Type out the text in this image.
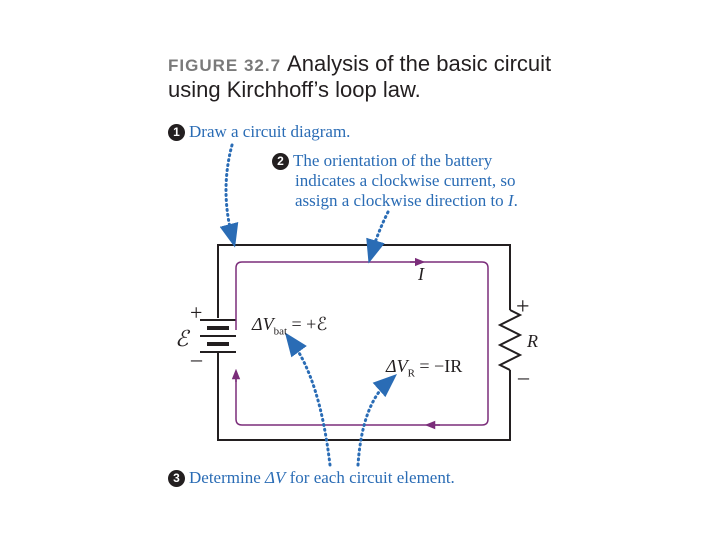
FIGURE 32.7 Analysis of the basic circuit
using Kirchhoff’s loop law.
1 Draw a circuit diagram.
2 The orientation of the battery
indicates a clockwise current, so
assign a clockwise direction to I.
3 Determine ΔV for each circuit element.
I
+
ℰ
–
$\Delta V_{bat}$ = +ℰ
+
R
–
$\Delta V_R = -IR$
